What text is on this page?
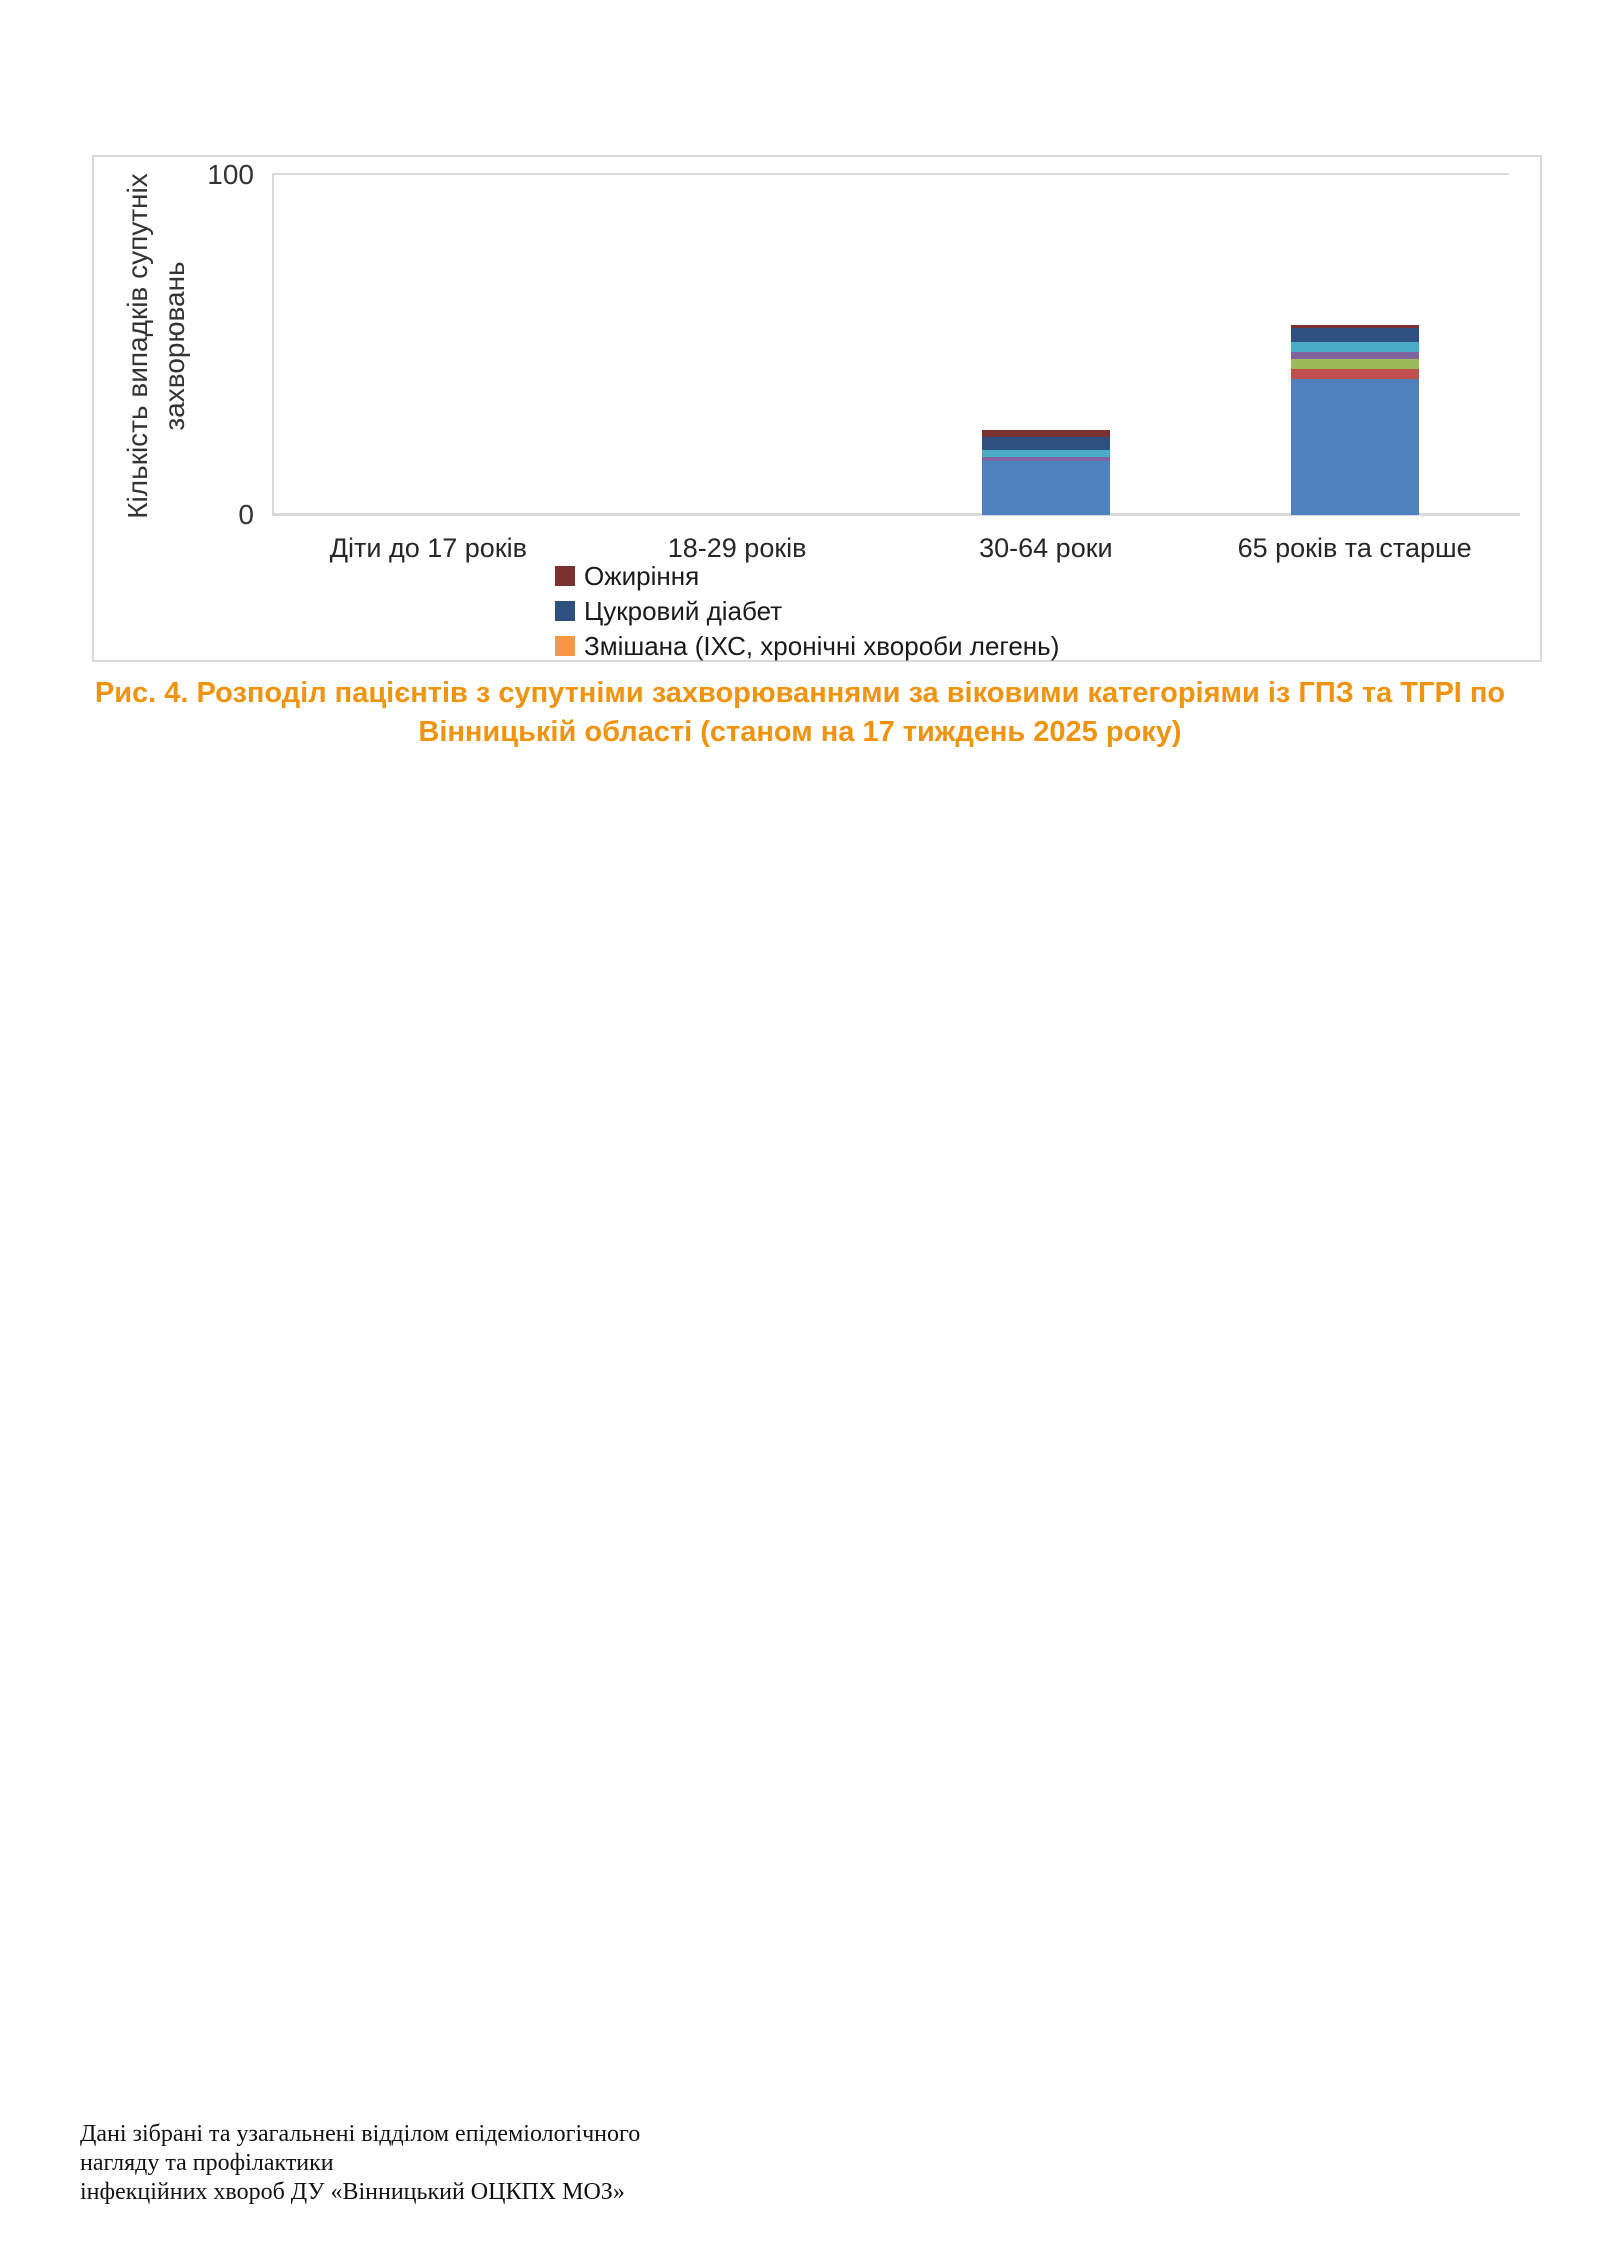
Кількість випадків супутніх захворювань
100
0
Діти до 17 років	18-29 років	30-64 роки	65 років та старше
Ожиріння
Цукровий діабет
Змішана (ІХС, хронічні хвороби легень)
Рис. 4. Розподіл пацієнтів з супутніми захворюваннями за віковими категоріями із ГПЗ та ТГРІ по
Вінницькій області (станом на 17 тиждень 2025 року)
Дані зібрані та узагальнені відділом епідеміологічного нагляду та профілактики
інфекційних хвороб ДУ «Вінницький ОЦКПХ МОЗ»
